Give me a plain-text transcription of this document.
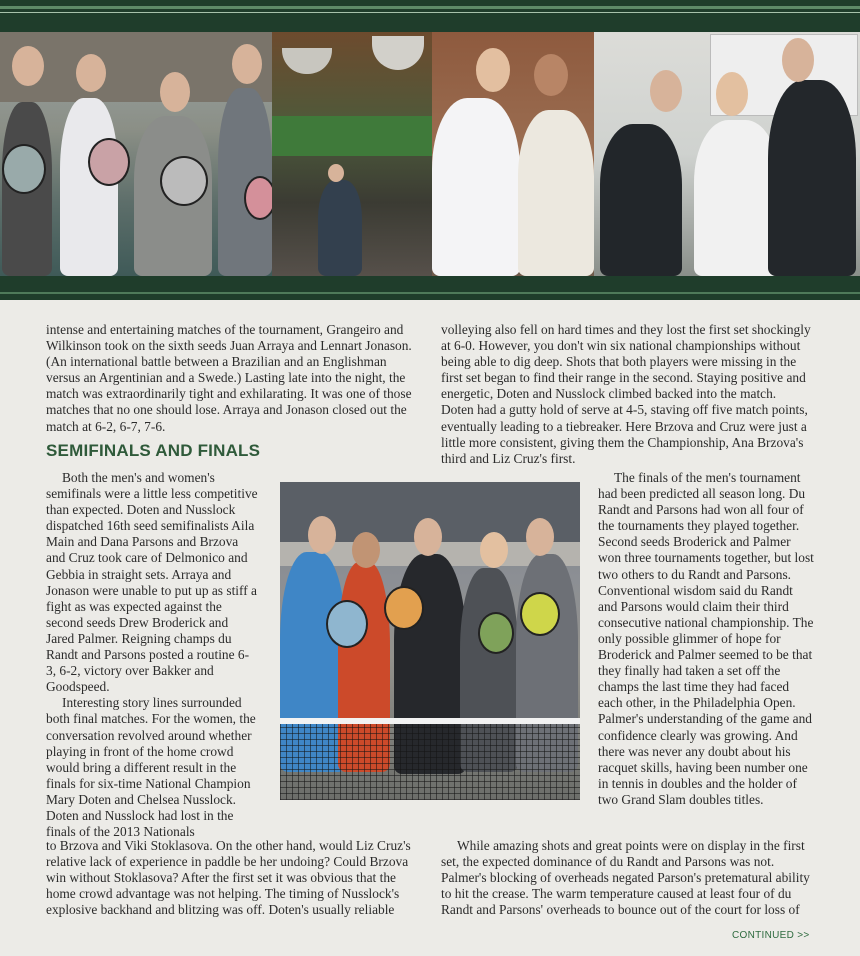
intense and entertaining matches of the tournament, Grangeiro and Wilkinson took on the sixth seeds Juan Arraya and Lennart Jonason. (An international battle between a Brazilian and an Englishman versus an Argentinian and a Swede.) Lasting late into the night, the match was extraordinarily tight and exhilarating. It was one of those matches that no one should lose. Arraya and Jonason closed out the match at 6-2, 6-7, 7-6.

volleying also fell on hard times and they lost the first set shockingly at 6-0. However, you don't win six national championships without being able to dig deep. Shots that both players were missing in the first set began to find their range in the second. Staying positive and energetic, Doten and Nusslock climbed backed into the match. Doten had a gutty hold of serve at 4-5, staving off five match points, eventually leading to a tiebreaker. Here Brzova and Cruz were just a little more consistent, giving them the Championship, Ana Brzova's third and Liz Cruz's first.

SEMIFINALS AND FINALS

Both the men's and women's semifinals were a little less competitive than expected. Doten and Nusslock dispatched 16th seed semifinalists Aila Main and Dana Parsons and Brzova and Cruz took care of Delmonico and Gebbia in straight sets. Arraya and Jonason were unable to put up as stiff a fight as was expected against the second seeds Drew Broderick and Jared Palmer. Reigning champs du Randt and Parsons posted a routine 6-3, 6-2, victory over Bakker and Goodspeed.

Interesting story lines surrounded both final matches. For the women, the conversation revolved around whether playing in front of the home crowd would bring a different result in the finals for six-time National Champion Mary Doten and Chelsea Nusslock. Doten and Nusslock had lost in the finals of the 2013 Nationals

to Brzova and Viki Stoklasova. On the other hand, would Liz Cruz's relative lack of experience in paddle be her undoing? Could Brzova win without Stoklasova? After the first set it was obvious that the home crowd advantage was not helping. The timing of Nusslock's explosive backhand and blitzing was off. Doten's usually reliable

The finals of the men's tournament had been predicted all season long. Du Randt and Parsons had won all four of the tournaments they played together. Second seeds Broderick and Palmer won three tournaments together, but lost two others to du Randt and Parsons. Conventional wisdom said du Randt and Parsons would claim their third consecutive national championship. The only possible glimmer of hope for Broderick and Palmer seemed to be that they finally had taken a set off the champs the last time they had faced each other, in the Philadelphia Open. Palmer's understanding of the game and confidence clearly was growing. And there was never any doubt about his racquet skills, having been number one in tennis in doubles and the holder of two Grand Slam doubles titles.

While amazing shots and great points were on display in the first set, the expected dominance of du Randt and Parsons was not. Palmer's blocking of overheads negated Parson's pretematural ability to hit the crease. The warm temperature caused at least four of du Randt and Parsons' overheads to bounce out of the court for loss of

CONTINUED >>
